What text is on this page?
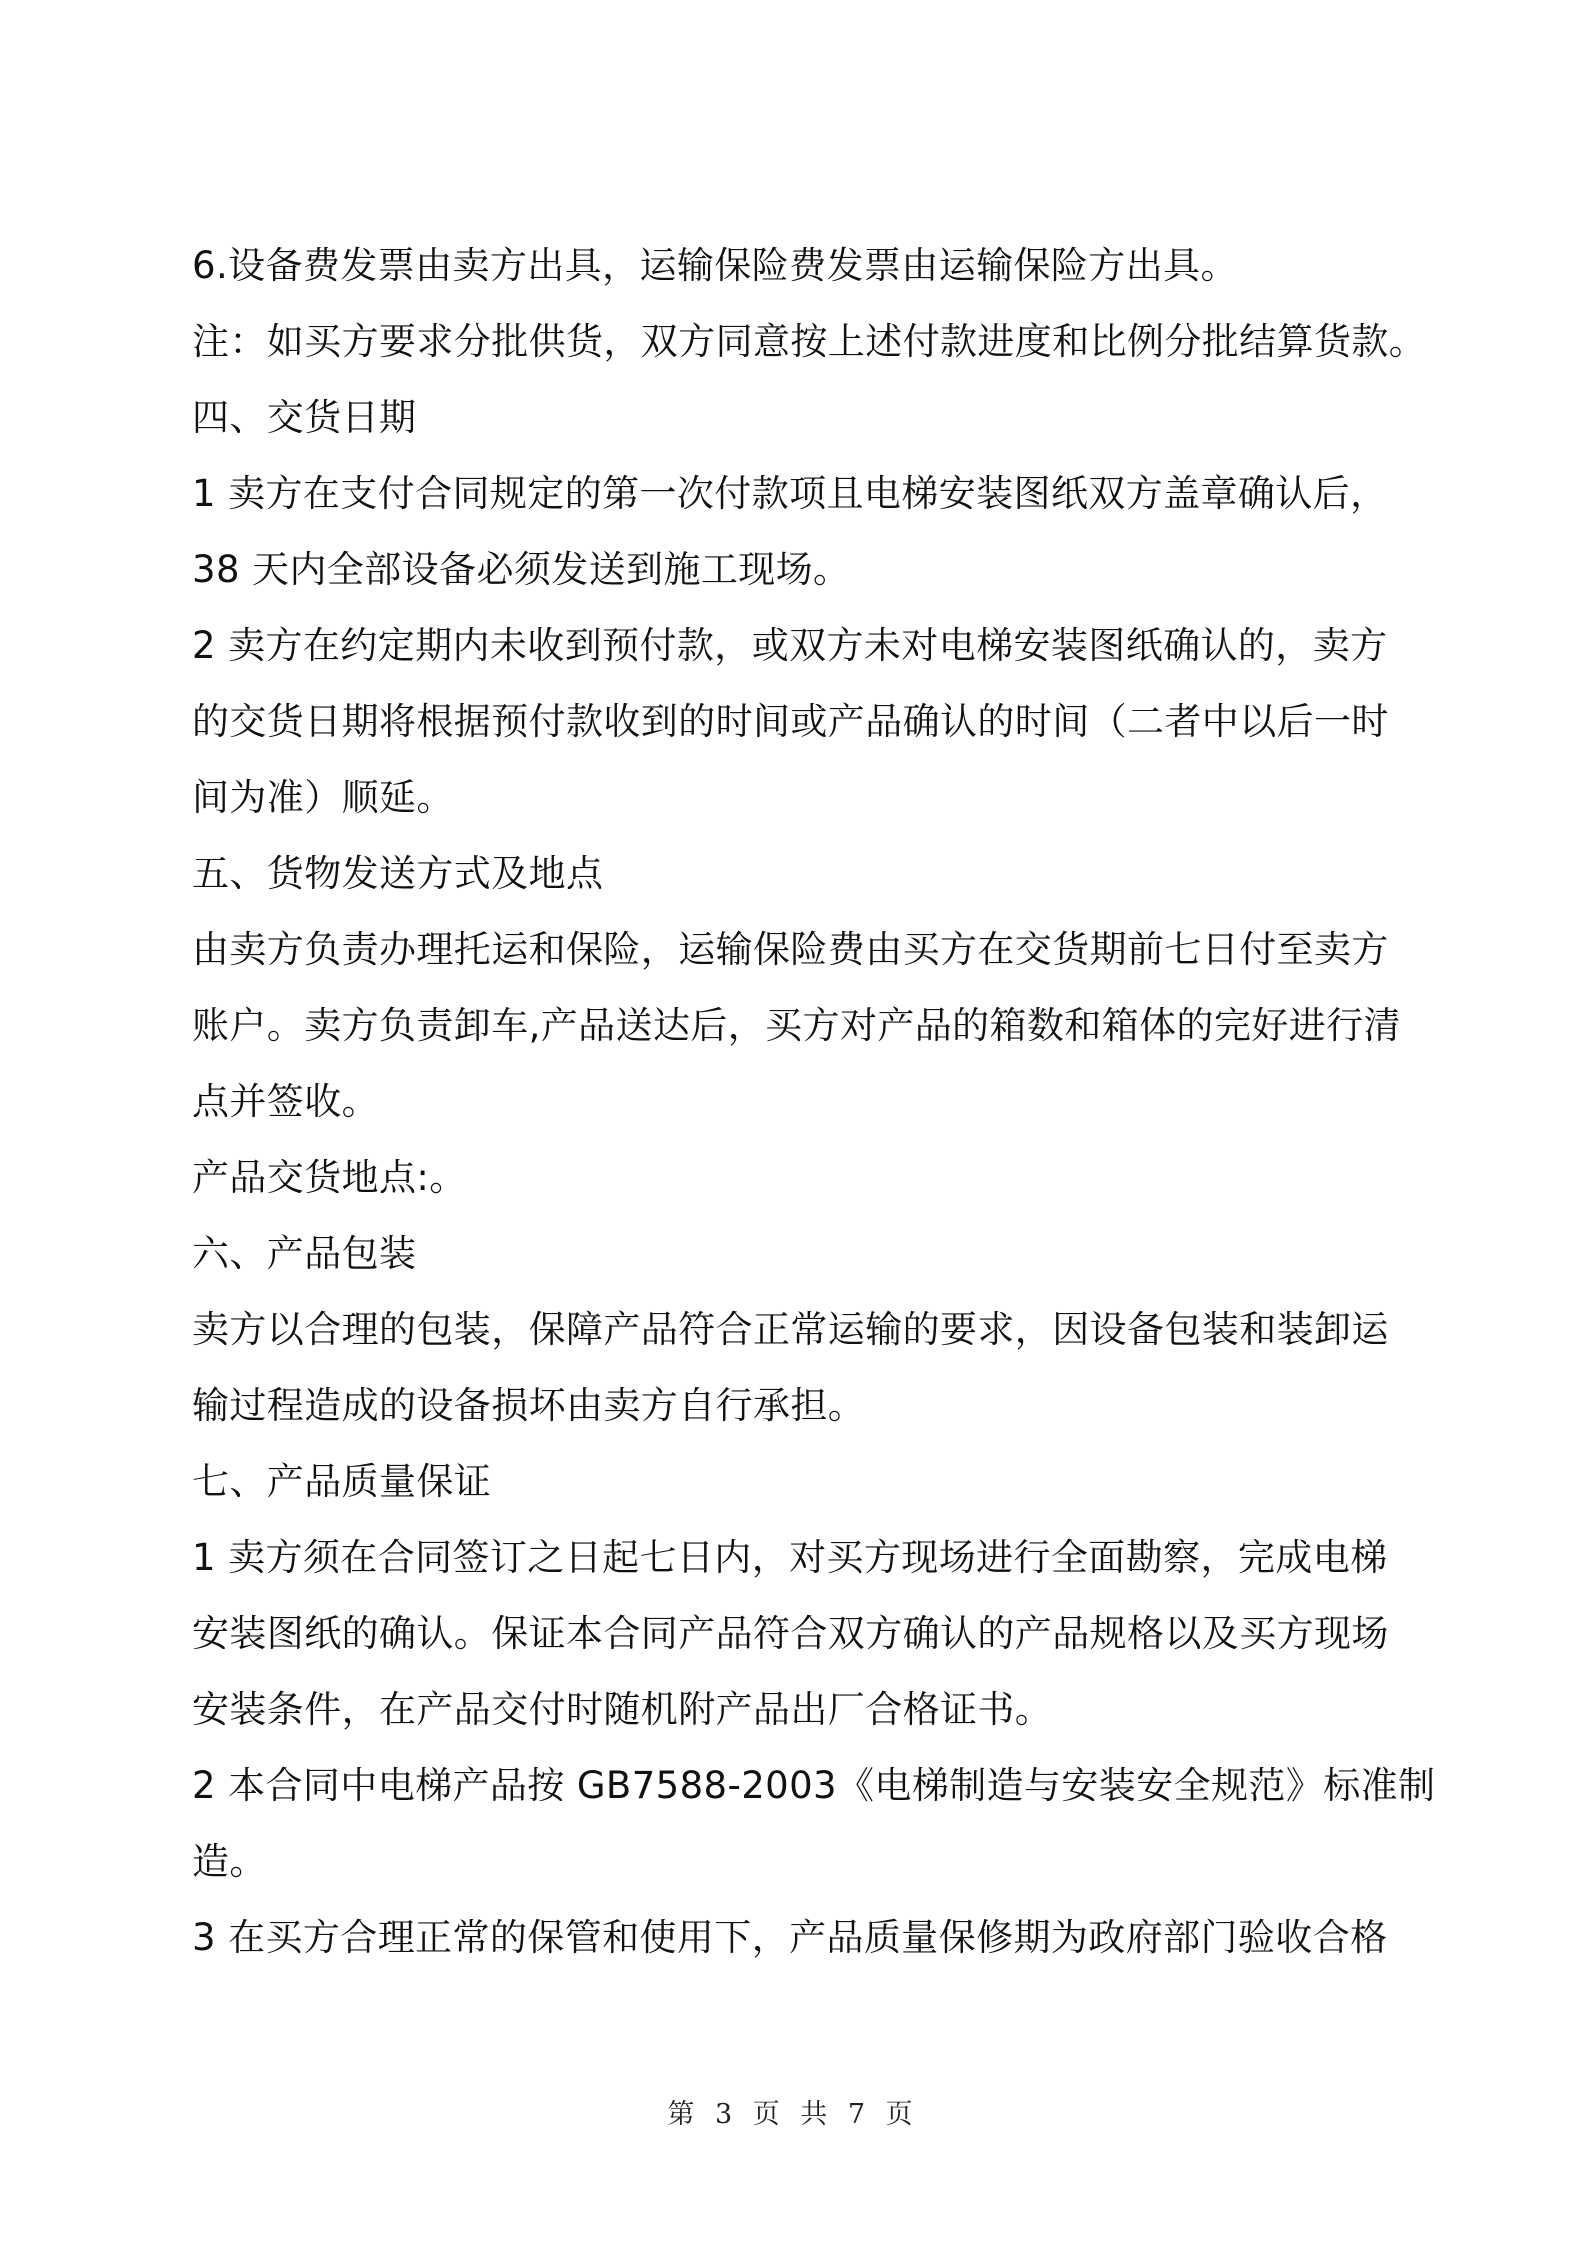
6.设备费发票由卖方出具，运输保险费发票由运输保险方出具。
注：如买方要求分批供货，双方同意按上述付款进度和比例分批结算货款。
四、交货日期
1 卖方在支付合同规定的第一次付款项且电梯安装图纸双方盖章确认后，
38 天内全部设备必须发送到施工现场。
2 卖方在约定期内未收到预付款，或双方未对电梯安装图纸确认的，卖方
的交货日期将根据预付款收到的时间或产品确认的时间（二者中以后一时
间为准）顺延。
五、货物发送方式及地点
由卖方负责办理托运和保险，运输保险费由买方在交货期前七日付至卖方
账户。卖方负责卸车,产品送达后，买方对产品的箱数和箱体的完好进行清
点并签收。
产品交货地点:。
六、产品包装
卖方以合理的包装，保障产品符合正常运输的要求，因设备包装和装卸运
输过程造成的设备损坏由卖方自行承担。
七、产品质量保证
1 卖方须在合同签订之日起七日内，对买方现场进行全面勘察，完成电梯
安装图纸的确认。保证本合同产品符合双方确认的产品规格以及买方现场
安装条件，在产品交付时随机附产品出厂合格证书。
2 本合同中电梯产品按 GB7588-2003《电梯制造与安装安全规范》标准制
造。
3 在买方合理正常的保管和使用下，产品质量保修期为政府部门验收合格
第 3 页 共 7 页
